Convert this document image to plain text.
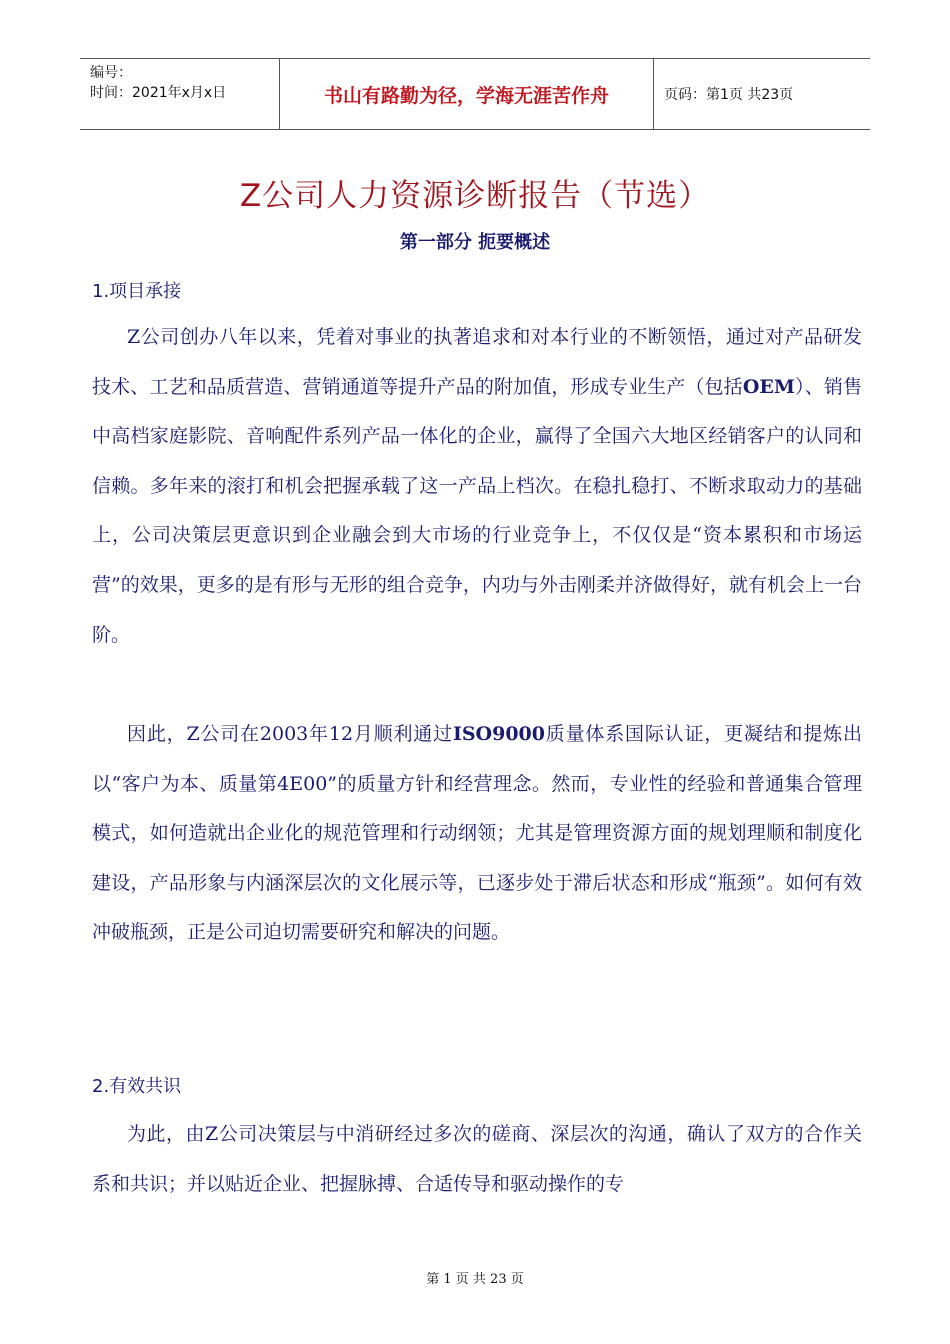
编号：
时间：2021年x月x日	书山有路勤为径，学海无涯苦作舟	页码：第1页 共23页
Z公司人力资源诊断报告（节选）
第一部分 扼要概述
1.项目承接

Z公司创办八年以来，凭着对事业的执著追求和对本行业的不断领悟，通过对产品研发技术、工艺和品质营造、营销通道等提升产品的附加值，形成专业生产（包括OEM）、销售中高档家庭影院、音响配件系列产品一体化的企业，赢得了全国六大地区经销客户的认同和信赖。多年来的滚打和机会把握承载了这一产品上档次。在稳扎稳打、不断求取动力的基础上，公司决策层更意识到企业融会到大市场的行业竞争上，不仅仅是“资本累积和市场运营”的效果，更多的是有形与无形的组合竞争，内功与外击刚柔并济做得好，就有机会上一台阶。

因此，Z公司在2003年12月顺利通过ISO9000质量体系国际认证，更凝结和提炼出以“客户为本、质量第4E00”的质量方针和经营理念。然而，专业性的经验和普通集合管理模式，如何造就出企业化的规范管理和行动纲领；尤其是管理资源方面的规划理顺和制度化建设，产品形象与内涵深层次的文化展示等，已逐步处于滞后状态和形成“瓶颈”。如何有效冲破瓶颈，正是公司迫切需要研究和解决的问题。

2.有效共识

为此，由Z公司决策层与中消研经过多次的磋商、深层次的沟通，确认了双方的合作关系和共识；并以贴近企业、把握脉搏、合适传导和驱动操作的专

第 1 页 共 23 页
